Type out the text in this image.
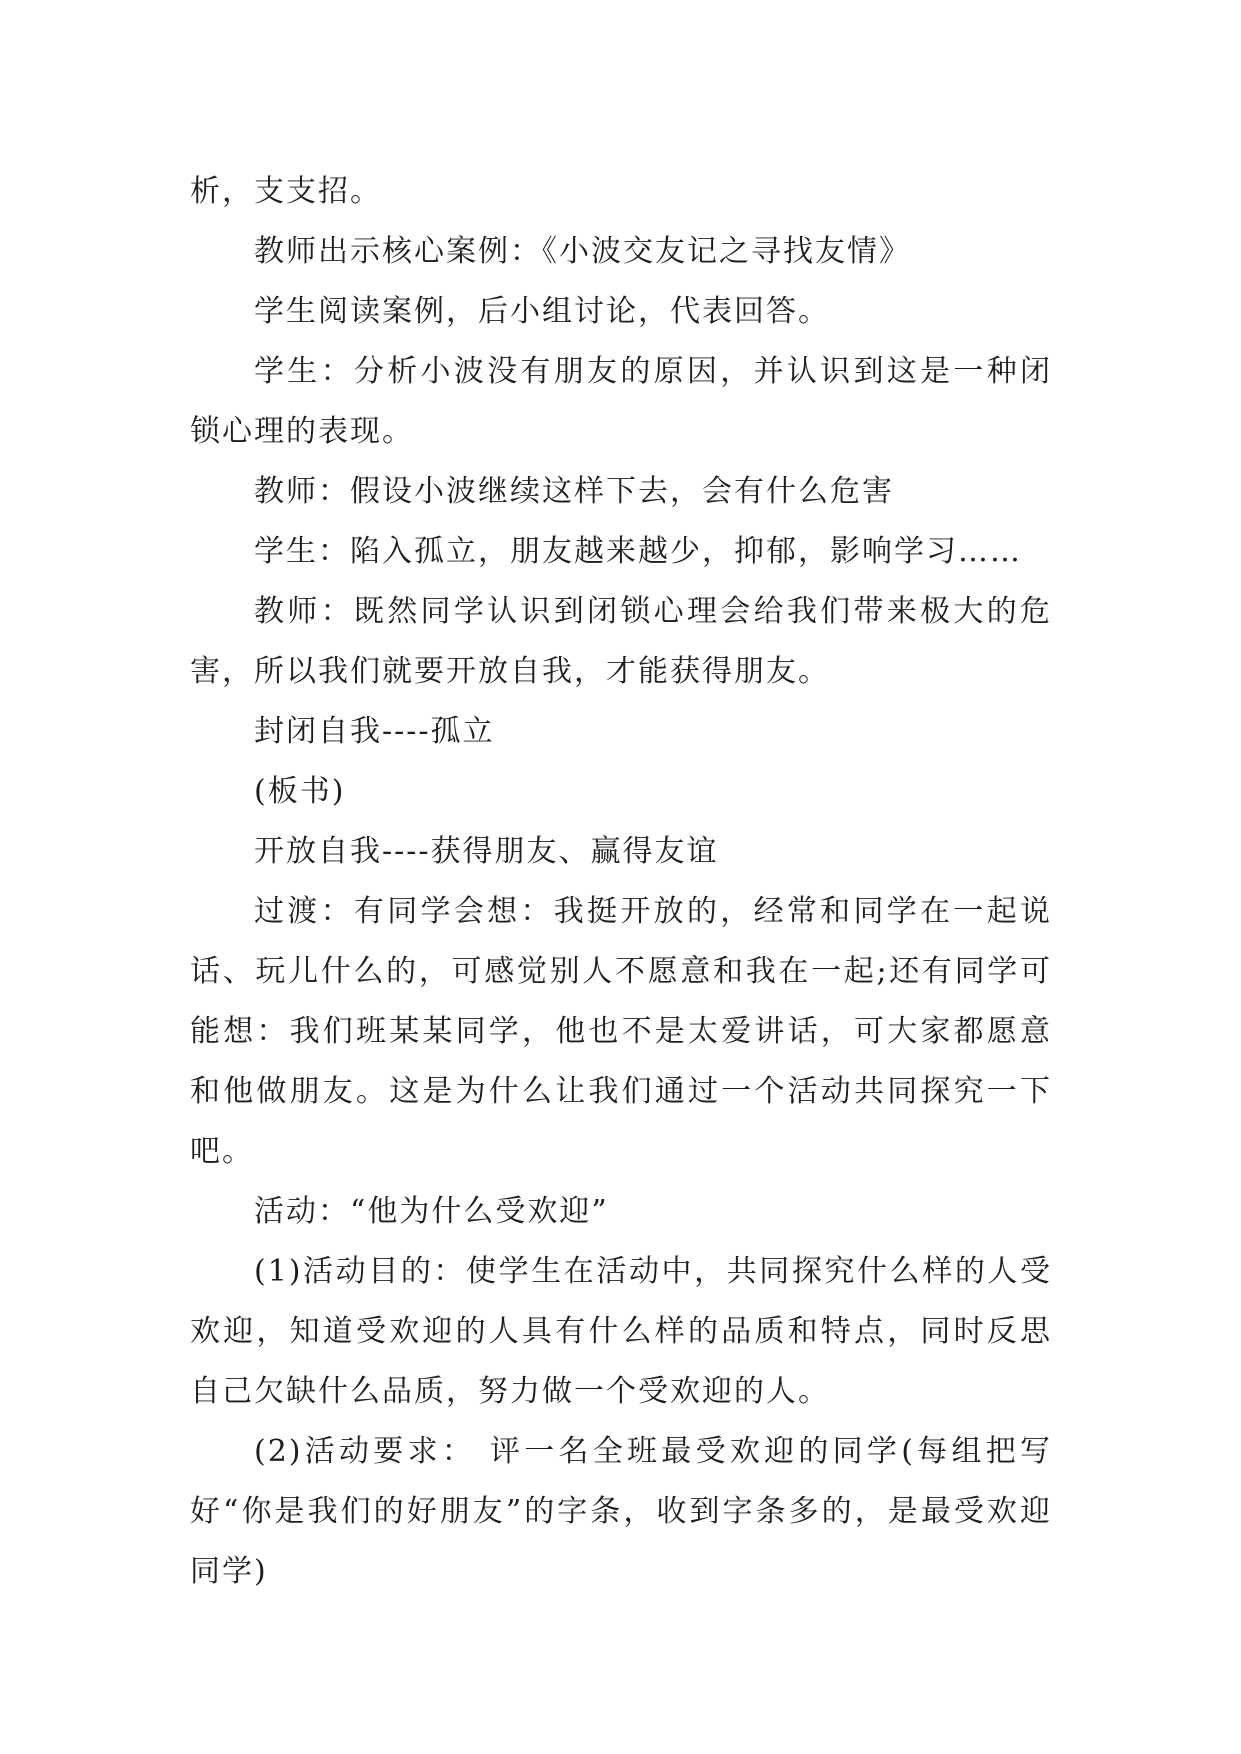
析，支支招。

教师出示核心案例：《小波交友记之寻找友情》

学生阅读案例，后小组讨论，代表回答。

学生：分析小波没有朋友的原因，并认识到这是一种闭锁心理的表现。

教师：假设小波继续这样下去，会有什么危害

学生：陷入孤立，朋友越来越少，抑郁，影响学习……

教师：既然同学认识到闭锁心理会给我们带来极大的危害，所以我们就要开放自我，才能获得朋友。

封闭自我----孤立

(板书)

开放自我----获得朋友、赢得友谊

过渡：有同学会想：我挺开放的，经常和同学在一起说话、玩儿什么的，可感觉别人不愿意和我在一起;还有同学可能想：我们班某某同学，他也不是太爱讲话，可大家都愿意和他做朋友。这是为什么让我们通过一个活动共同探究一下吧。

活动：“他为什么受欢迎”

(1)活动目的：使学生在活动中，共同探究什么样的人受欢迎，知道受欢迎的人具有什么样的品质和特点，同时反思自己欠缺什么品质，努力做一个受欢迎的人。

(2)活动要求： 评一名全班最受欢迎的同学(每组把写好“你是我们的好朋友”的字条，收到字条多的，是最受欢迎同学)
